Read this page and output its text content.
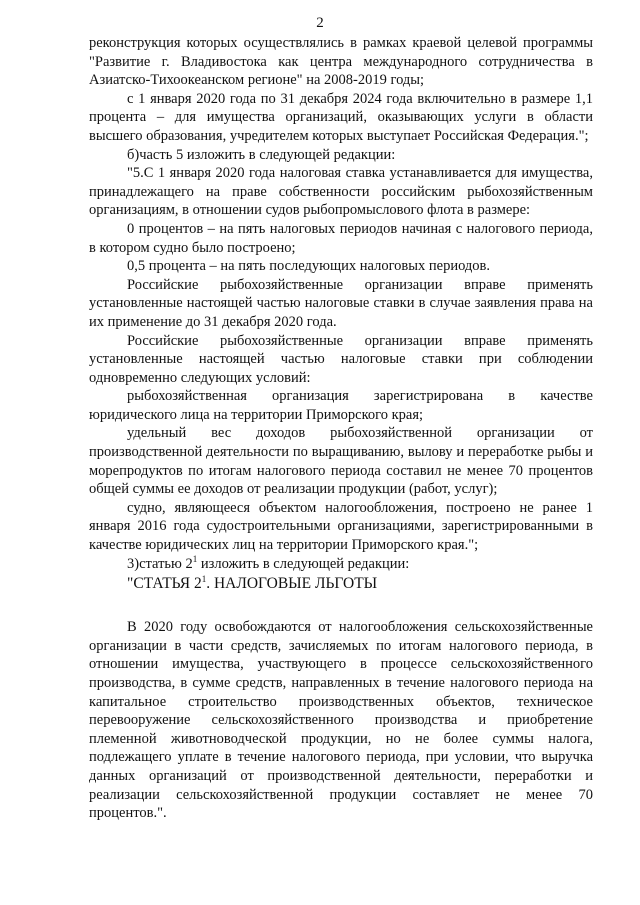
2

реконструкция которых осуществлялись в рамках краевой целевой программы "Развитие г. Владивостока как центра международного сотрудничества в Азиатско-Тихоокеанском регионе" на 2008-2019 годы;

с 1 января 2020 года по 31 декабря 2024 года включительно в размере 1,1 процента – для имущества организаций, оказывающих услуги в области высшего образования, учредителем которых выступает Российская Федерация.";

б)часть 5 изложить в следующей редакции:

"5.С 1 января 2020 года налоговая ставка устанавливается для имущества, принадлежащего на праве собственности российским рыбохозяйственным организациям, в отношении судов рыбопромыслового флота в размере:

0 процентов – на пять налоговых периодов начиная с налогового периода, в котором судно было построено;

0,5 процента – на пять последующих налоговых периодов.

Российские рыбохозяйственные организации вправе применять установленные настоящей частью налоговые ставки в случае заявления права на их применение до 31 декабря 2020 года.

Российские рыбохозяйственные организации вправе применять установленные настоящей частью налоговые ставки при соблюдении одновременно следующих условий:

рыбохозяйственная организация зарегистрирована в качестве юридического лица на территории Приморского края;

удельный вес доходов рыбохозяйственной организации от производственной деятельности по выращиванию, вылову и переработке рыбы и морепродуктов по итогам налогового периода составил не менее 70 процентов общей суммы ее доходов от реализации продукции (работ, услуг);

судно, являющееся объектом налогообложения, построено не ранее 1 января 2016 года судостроительными организациями, зарегистрированными в качестве юридических лиц на территории Приморского края.";

3)статью $2^1$ изложить в следующей редакции:

"СТАТЬЯ $2^1$. НАЛОГОВЫЕ ЛЬГОТЫ

В 2020 году освобождаются от налогообложения сельскохозяйственные организации в части средств, зачисляемых по итогам налогового периода, в отношении имущества, участвующего в процессе сельскохозяйственного производства, в сумме средств, направленных в течение налогового периода на капитальное строительство производственных объектов, техническое перевооружение сельскохозяйственного производства и приобретение племенной животноводческой продукции, но не более суммы налога, подлежащего уплате в течение налогового периода, при условии, что выручка данных организаций от производственной деятельности, переработки и реализации сельскохозяйственной продукции составляет не менее 70 процентов.".
